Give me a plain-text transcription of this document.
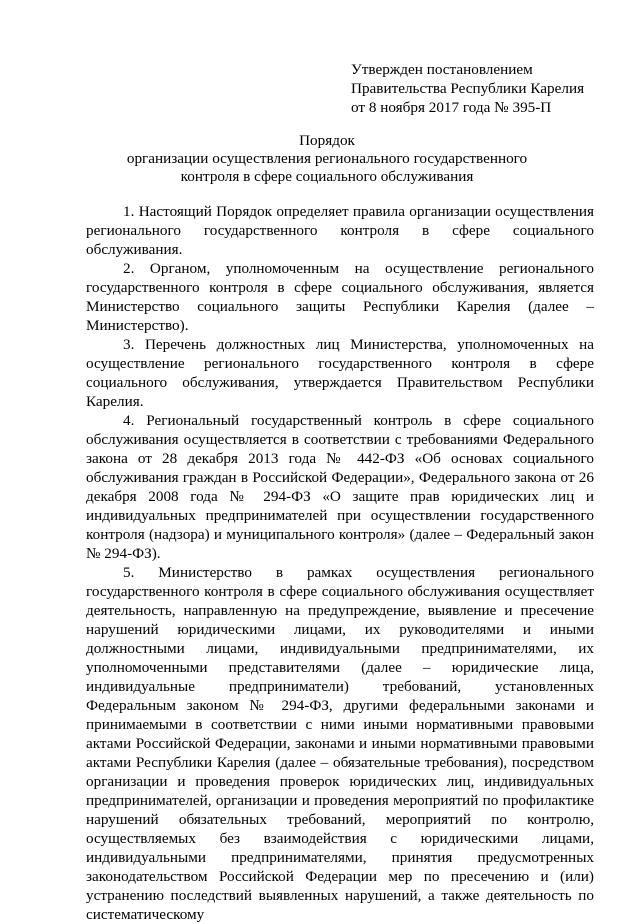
Утвержден постановлением
Правительства Республики Карелия
от 8 ноября 2017 года № 395-П
Порядок
организации осуществления регионального государственного
контроля в сфере социального обслуживания

1. Настоящий Порядок определяет правила организации осуществления регионального государственного контроля в сфере социального обслуживания.

2. Органом, уполномоченным на осуществление регионального государственного контроля в сфере социального обслуживания, является Министерство социального защиты Республики Карелия (далее – Министерство).

3. Перечень должностных лиц Министерства, уполномоченных на осуществление регионального государственного контроля в сфере социального обслуживания, утверждается Правительством Республики Карелия.

4. Региональный государственный контроль в сфере социального обслуживания осуществляется в соответствии с требованиями Федерального закона от 28 декабря 2013 года № 442-ФЗ «Об основах социального обслуживания граждан в Российской Федерации», Федерального закона от 26 декабря 2008 года № 294-ФЗ «О защите прав юридических лиц и индивидуальных предпринимателей при осуществлении государственного контроля (надзора) и муниципального контроля» (далее – Федеральный закон № 294-ФЗ).

5. Министерство в рамках осуществления регионального государственного контроля в сфере социального обслуживания осуществляет деятельность, направленную на предупреждение, выявление и пресечение нарушений юридическими лицами, их руководителями и иными должностными лицами, индивидуальными предпринимателями, их уполномоченными представителями (далее – юридические лица, индивидуальные предприниматели) требований, установленных Федеральным законом № 294-ФЗ, другими федеральными законами и принимаемыми в соответствии с ними иными нормативными правовыми актами Российской Федерации, законами и иными нормативными правовыми актами Республики Карелия (далее – обязательные требования), посредством организации и проведения проверок юридических лиц, индивидуальных предпринимателей, организации и проведения мероприятий по профилактике нарушений обязательных требований, мероприятий по контролю, осуществляемых без взаимодействия с юридическими лицами, индивидуальными предпринимателями, принятия предусмотренных законодательством Российской Федерации мер по пресечению и (или) устранению последствий выявленных нарушений, а также деятельность по систематическому
